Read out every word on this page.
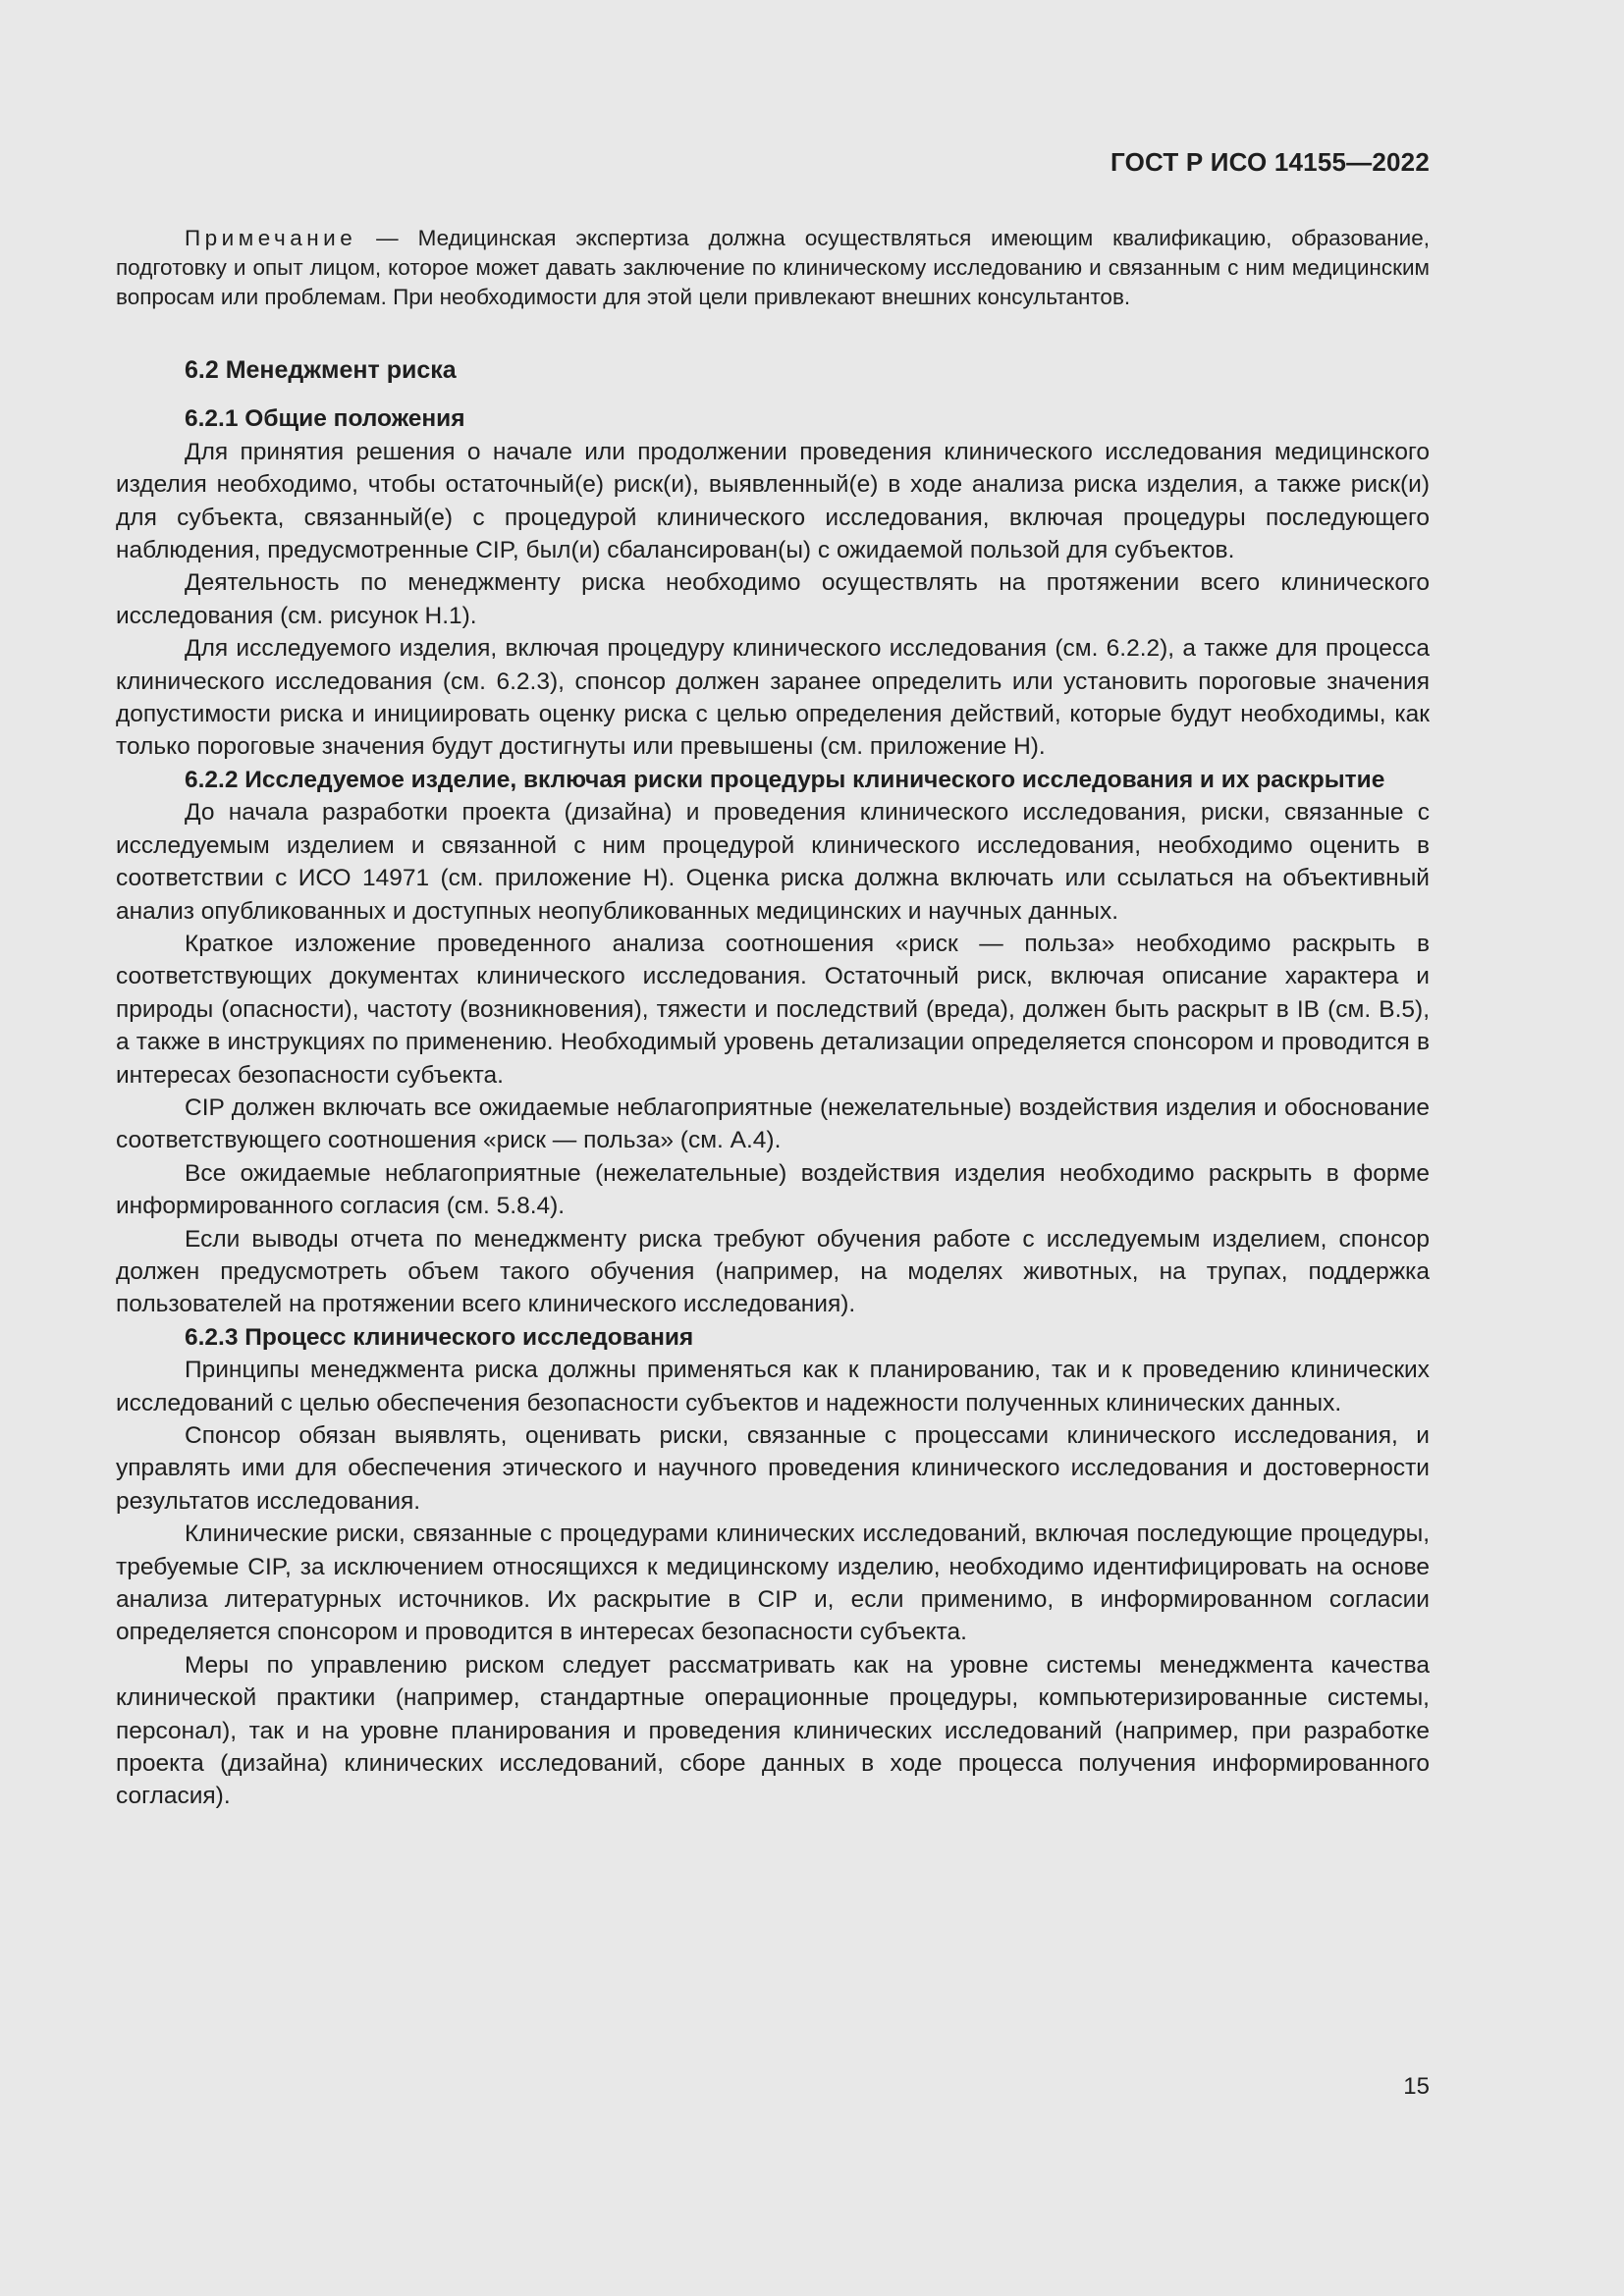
ГОСТ Р ИСО 14155—2022
Примечание — Медицинская экспертиза должна осуществляться имеющим квалификацию, образование, подготовку и опыт лицом, которое может давать заключение по клиническому исследованию и связанным с ним медицинским вопросам или проблемам. При необходимости для этой цели привлекают внешних консультантов.
6.2 Менеджмент риска
6.2.1 Общие положения

Для принятия решения о начале или продолжении проведения клинического исследования медицинского изделия необходимо, чтобы остаточный(е) риск(и), выявленный(е) в ходе анализа риска изделия, а также риск(и) для субъекта, связанный(е) с процедурой клинического исследования, включая процедуры последующего наблюдения, предусмотренные CIP, был(и) сбалансирован(ы) с ожидаемой пользой для субъектов.

Деятельность по менеджменту риска необходимо осуществлять на протяжении всего клинического исследования (см. рисунок H.1).

Для исследуемого изделия, включая процедуру клинического исследования (см. 6.2.2), а также для процесса клинического исследования (см. 6.2.3), спонсор должен заранее определить или установить пороговые значения допустимости риска и инициировать оценку риска с целью определения действий, которые будут необходимы, как только пороговые значения будут достигнуты или превышены (см. приложение H).

6.2.2 Исследуемое изделие, включая риски процедуры клинического исследования и их раскрытие

До начала разработки проекта (дизайна) и проведения клинического исследования, риски, связанные с исследуемым изделием и связанной с ним процедурой клинического исследования, необходимо оценить в соответствии с ИСО 14971 (см. приложение H). Оценка риска должна включать или ссылаться на объективный анализ опубликованных и доступных неопубликованных медицинских и научных данных.

Краткое изложение проведенного анализа соотношения «риск — польза» необходимо раскрыть в соответствующих документах клинического исследования. Остаточный риск, включая описание характера и природы (опасности), частоту (возникновения), тяжести и последствий (вреда), должен быть раскрыт в IB (см. B.5), а также в инструкциях по применению. Необходимый уровень детализации определяется спонсором и проводится в интересах безопасности субъекта.

CIP должен включать все ожидаемые неблагоприятные (нежелательные) воздействия изделия и обоснование соответствующего соотношения «риск — польза» (см. A.4).

Все ожидаемые неблагоприятные (нежелательные) воздействия изделия необходимо раскрыть в форме информированного согласия (см. 5.8.4).

Если выводы отчета по менеджменту риска требуют обучения работе с исследуемым изделием, спонсор должен предусмотреть объем такого обучения (например, на моделях животных, на трупах, поддержка пользователей на протяжении всего клинического исследования).

6.2.3 Процесс клинического исследования

Принципы менеджмента риска должны применяться как к планированию, так и к проведению клинических исследований с целью обеспечения безопасности субъектов и надежности полученных клинических данных.

Спонсор обязан выявлять, оценивать риски, связанные с процессами клинического исследования, и управлять ими для обеспечения этического и научного проведения клинического исследования и достоверности результатов исследования.

Клинические риски, связанные с процедурами клинических исследований, включая последующие процедуры, требуемые CIP, за исключением относящихся к медицинскому изделию, необходимо идентифицировать на основе анализа литературных источников. Их раскрытие в CIP и, если применимо, в информированном согласии определяется спонсором и проводится в интересах безопасности субъекта.

Меры по управлению риском следует рассматривать как на уровне системы менеджмента качества клинической практики (например, стандартные операционные процедуры, компьютеризированные системы, персонал), так и на уровне планирования и проведения клинических исследований (например, при разработке проекта (дизайна) клинических исследований, сборе данных в ходе процесса получения информированного согласия).

15
